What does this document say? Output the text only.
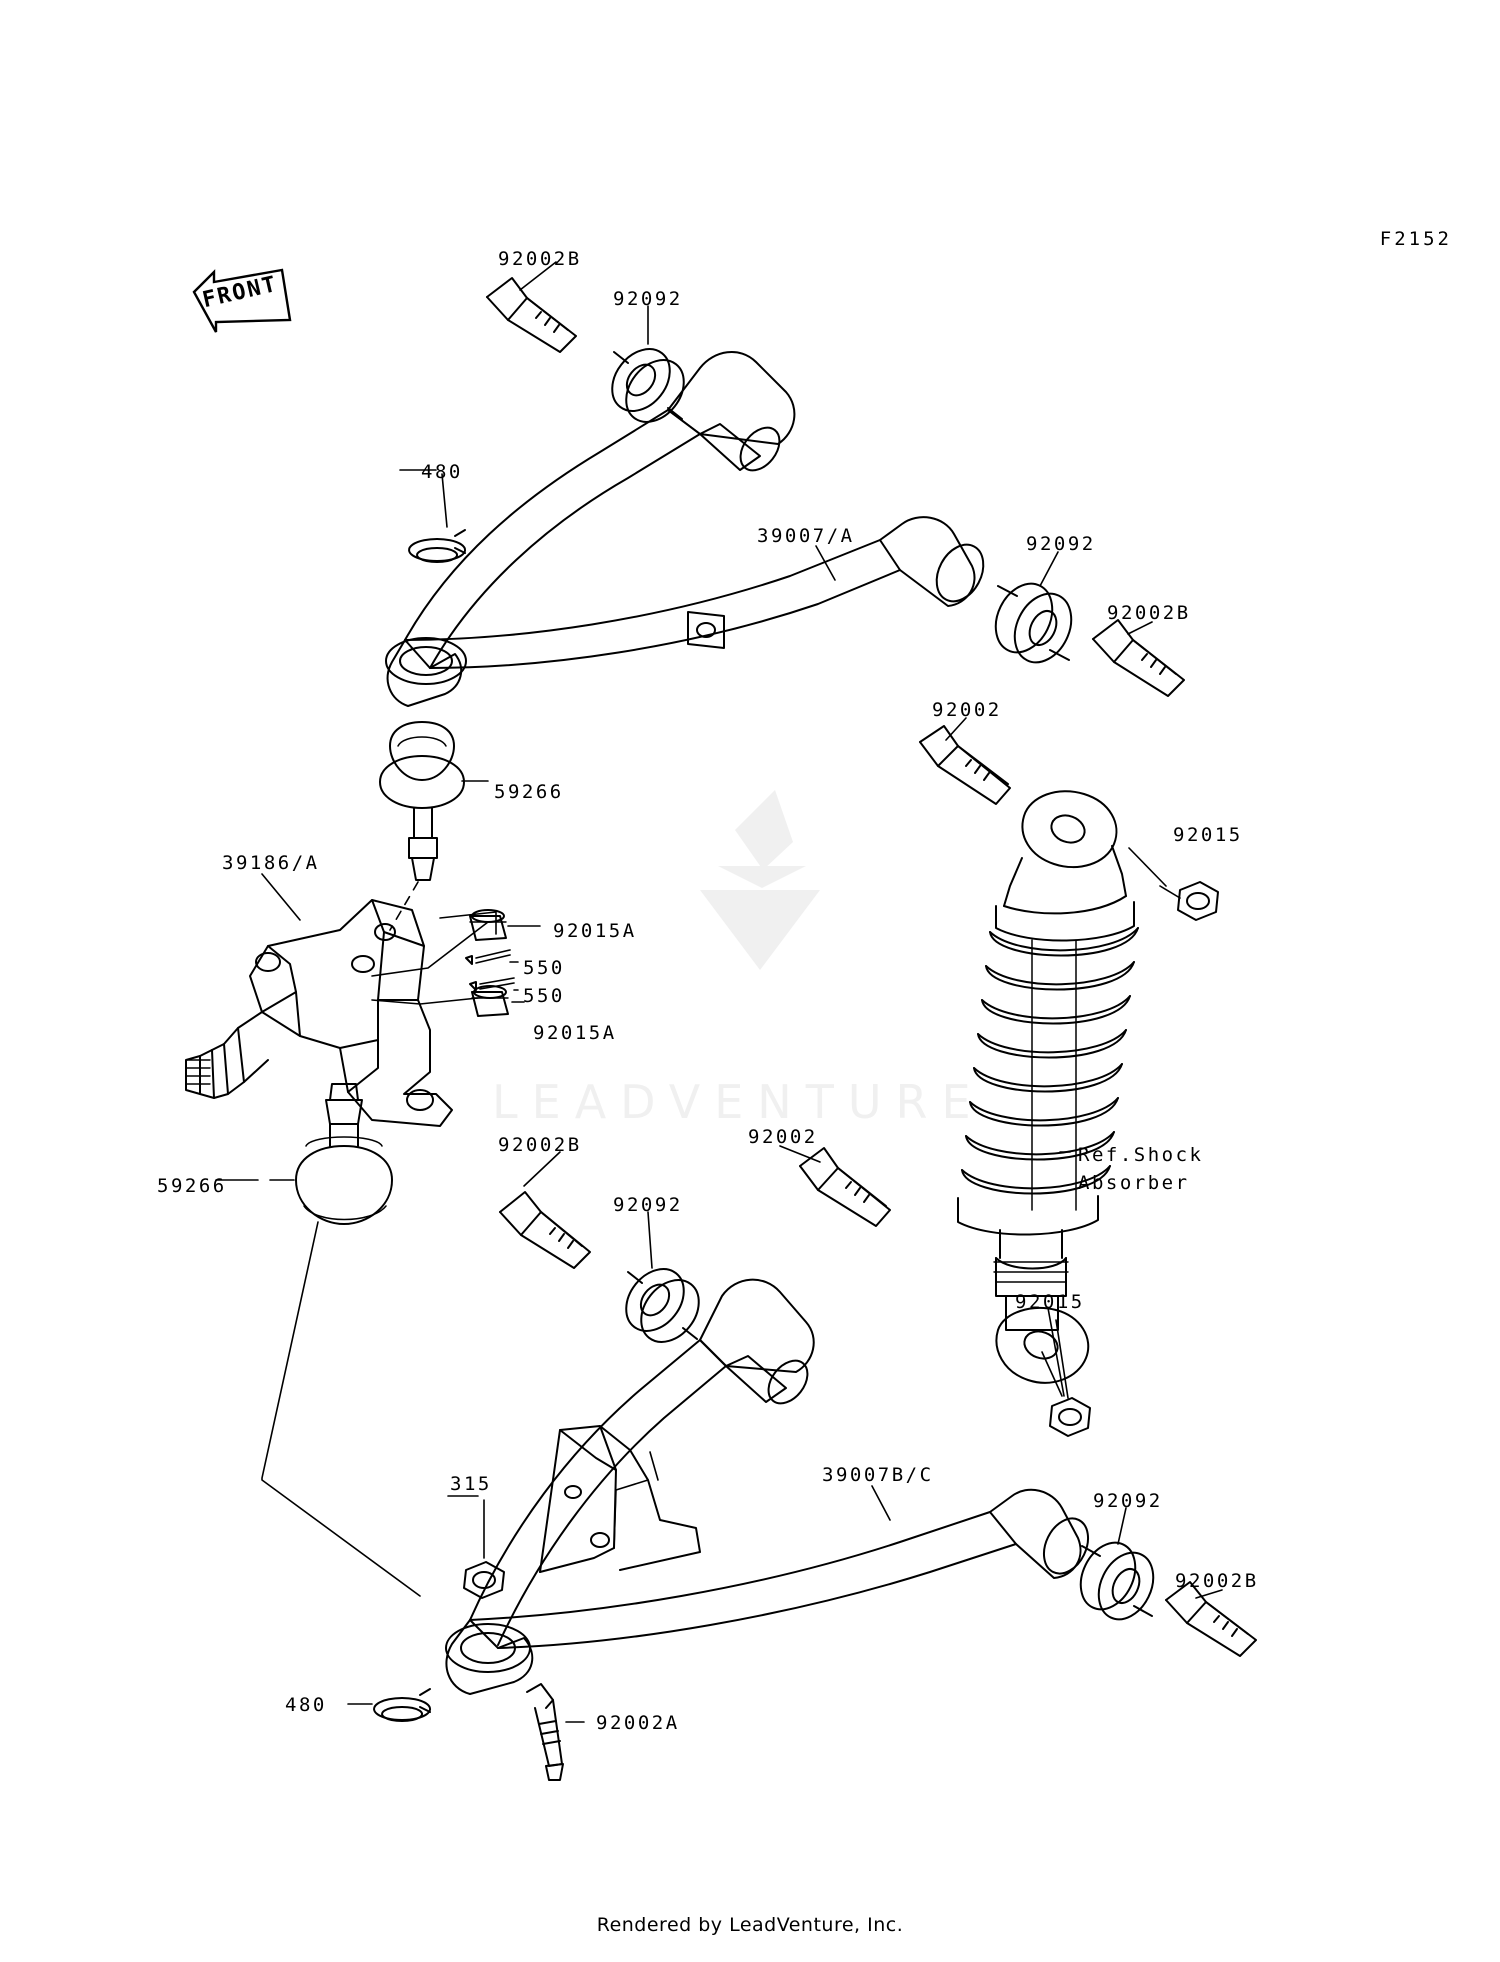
F2152
FRONT
LEADVENTURE
92002B
92092
480
39007/A	92092
92002B
92002
92015
59266
39186/A
92015A
550
550
92015A
59266
92002B
92092
92002
92015
39007B/C
92092
92002B
315
480
92002A
Ref.Shock
Absorber
Rendered by LeadVenture, Inc.
